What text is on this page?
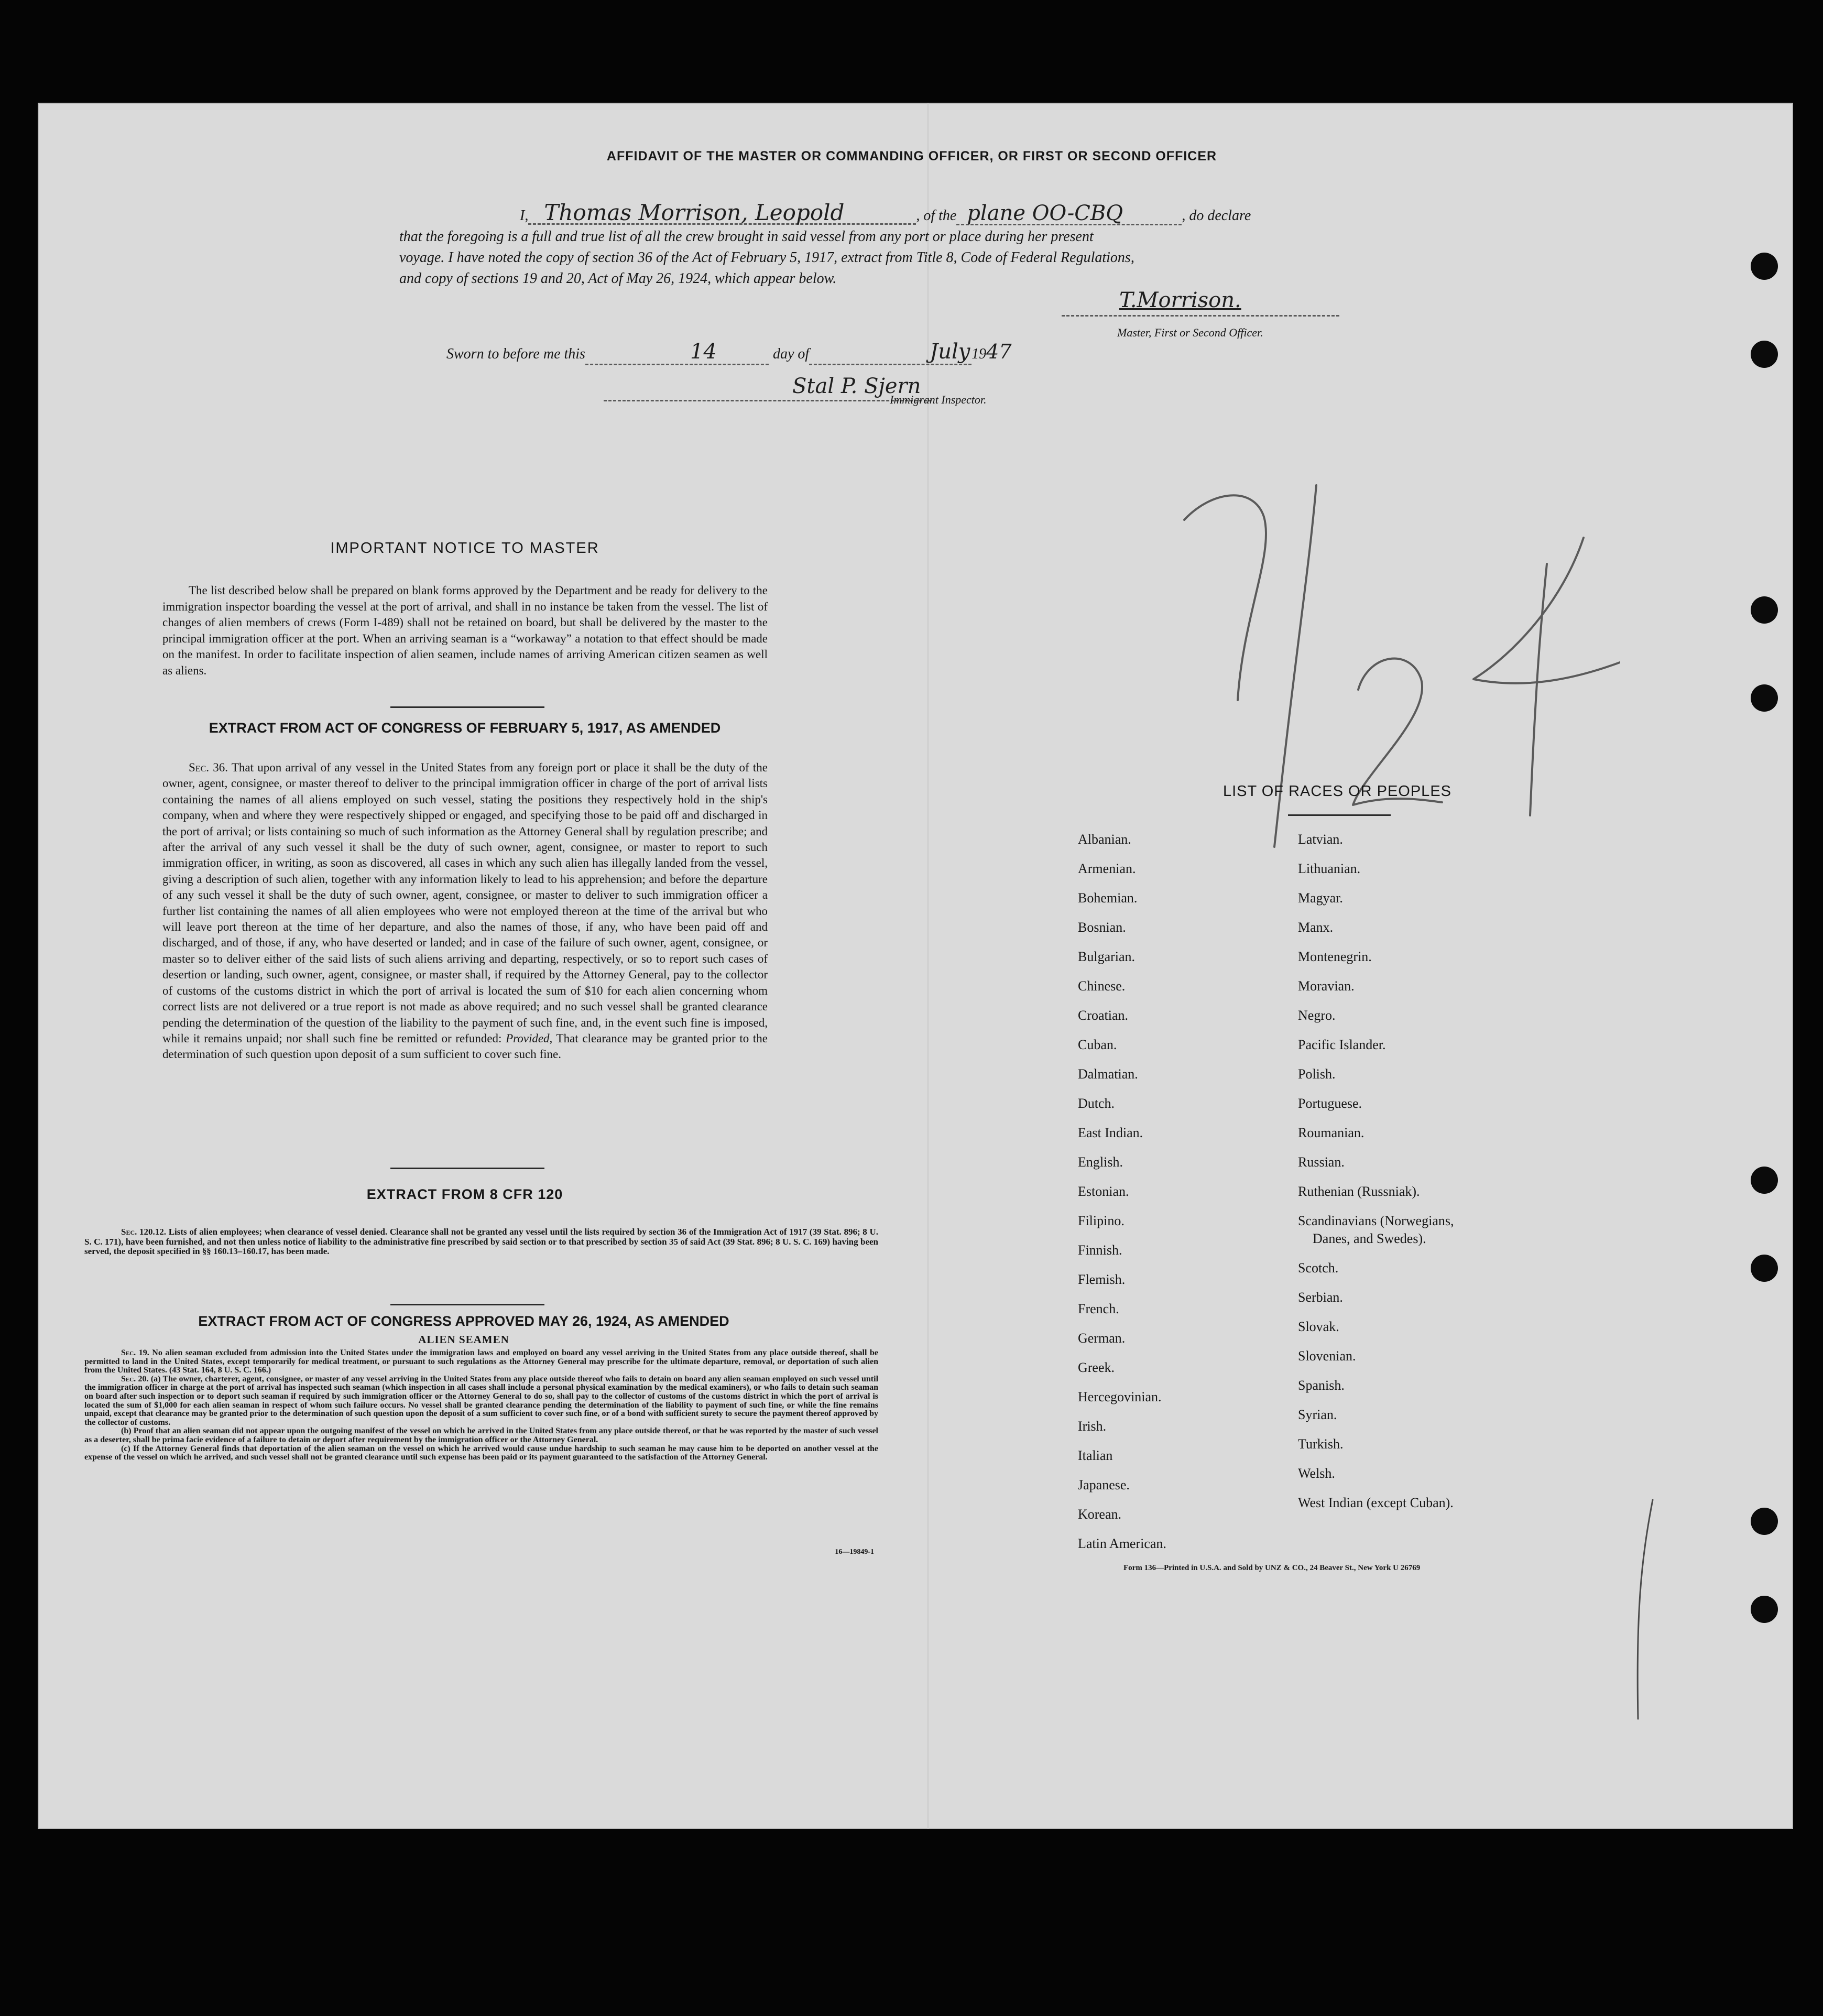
AFFIDAVIT OF THE MASTER OR COMMANDING OFFICER, OR FIRST OR SECOND OFFICER
I, Thomas Morrison, Leopold	, of the plane OO-CBQ	, do declare
that the foregoing is a full and true list of all the crew brought in said vessel from any port or place during her present
voyage. I have noted the copy of section 36 of the Act of February 5, 1917, extract from Title 8, Code of Federal Regulations,
and copy of sections 19 and 20, Act of May 26, 1924, which appear below.
T.Morrison.
Master, First or Second Officer.
Sworn to before me this	14	day of	July 19 47
Stal P. Sjern
Immigrant Inspector.
IMPORTANT NOTICE TO MASTER
The list described below shall be prepared on blank forms approved by the Department and be ready for delivery to the immigration inspector boarding the vessel at the port of arrival, and shall in no instance be taken from the vessel. The list of changes of alien members of crews (Form I-489) shall not be retained on board, but shall be delivered by the master to the principal immigration officer at the port. When an arriving seaman is a “workaway” a notation to that effect should be made on the manifest. In order to facilitate inspection of alien seamen, include names of arriving American citizen seamen as well as aliens.
EXTRACT FROM ACT OF CONGRESS OF FEBRUARY 5, 1917, AS AMENDED
Sec. 36. That upon arrival of any vessel in the United States from any foreign port or place it shall be the duty of the owner, agent, consignee, or master thereof to deliver to the principal immigration officer in charge of the port of arrival lists containing the names of all aliens employed on such vessel, stating the positions they respectively hold in the ship's company, when and where they were respectively shipped or engaged, and specifying those to be paid off and discharged in the port of arrival; or lists containing so much of such information as the Attorney General shall by regulation prescribe; and after the arrival of any such vessel it shall be the duty of such owner, agent, consignee, or master to report to such immigration officer, in writing, as soon as discovered, all cases in which any such alien has illegally landed from the vessel, giving a description of such alien, together with any information likely to lead to his apprehension; and before the departure of any such vessel it shall be the duty of such owner, agent, consignee, or master to deliver to such immigration officer a further list containing the names of all alien employees who were not employed thereon at the time of the arrival but who will leave port thereon at the time of her departure, and also the names of those, if any, who have been paid off and discharged, and of those, if any, who have deserted or landed; and in case of the failure of such owner, agent, consignee, or master so to deliver either of the said lists of such aliens arriving and departing, respectively, or so to report such cases of desertion or landing, such owner, agent, consignee, or master shall, if required by the Attorney General, pay to the collector of customs of the customs district in which the port of arrival is located the sum of $10 for each alien concerning whom correct lists are not delivered or a true report is not made as above required; and no such vessel shall be granted clearance pending the determination of the question of the liability to the payment of such fine, and, in the event such fine is imposed, while it remains unpaid; nor shall such fine be remitted or refunded: Provided, That clearance may be granted prior to the determination of such question upon deposit of a sum sufficient to cover such fine.
EXTRACT FROM 8 CFR 120
Sec. 120.12. Lists of alien employees; when clearance of vessel denied. Clearance shall not be granted any vessel until the lists required by section 36 of the Immigration Act of 1917 (39 Stat. 896; 8 U. S. C. 171), have been furnished, and not then unless notice of liability to the administrative fine prescribed by said section or to that prescribed by section 35 of said Act (39 Stat. 896; 8 U. S. C. 169) having been served, the deposit specified in §§ 160.13–160.17, has been made.
EXTRACT FROM ACT OF CONGRESS APPROVED MAY 26, 1924, AS AMENDED
ALIEN SEAMEN

Sec. 19. No alien seaman excluded from admission into the United States under the immigration laws and employed on board any vessel arriving in the United States from any place outside thereof, shall be permitted to land in the United States, except temporarily for medical treatment, or pursuant to such regulations as the Attorney General may prescribe for the ultimate departure, removal, or deportation of such alien from the United States. (43 Stat. 164, 8 U. S. C. 166.)

Sec. 20. (a) The owner, charterer, agent, consignee, or master of any vessel arriving in the United States from any place outside thereof who fails to detain on board any alien seaman employed on such vessel until the immigration officer in charge at the port of arrival has inspected such seaman (which inspection in all cases shall include a personal physical examination by the medical examiners), or who fails to detain such seaman on board after such inspection or to deport such seaman if required by such immigration officer or the Attorney General to do so, shall pay to the collector of customs of the customs district in which the port of arrival is located the sum of $1,000 for each alien seaman in respect of whom such failure occurs. No vessel shall be granted clearance pending the determination of the liability to payment of such fine, or while the fine remains unpaid, except that clearance may be granted prior to the determination of such question upon the deposit of a sum sufficient to cover such fine, or of a bond with sufficient surety to secure the payment thereof approved by the collector of customs.

(b) Proof that an alien seaman did not appear upon the outgoing manifest of the vessel on which he arrived in the United States from any place outside thereof, or that he was reported by the master of such vessel as a deserter, shall be prima facie evidence of a failure to detain or deport after requirement by the immigration officer or the Attorney General.

(c) If the Attorney General finds that deportation of the alien seaman on the vessel on which he arrived would cause undue hardship to such seaman he may cause him to be deported on another vessel at the expense of the vessel on which he arrived, and such vessel shall not be granted clearance until such expense has been paid or its payment guaranteed to the satisfaction of the Attorney General.

16—19849-1
LIST OF RACES OR PEOPLES
Albanian.
Armenian.
Bohemian.
Bosnian.
Bulgarian.
Chinese.
Croatian.
Cuban.
Dalmatian.
Dutch.
East Indian.
English.
Estonian.
Filipino.
Finnish.
Flemish.
French.
German.
Greek.
Hercegovinian.
Irish.
Italian
Japanese.
Korean.
Latin American.
Latvian.
Lithuanian.
Magyar.
Manx.
Montenegrin.
Moravian.
Negro.
Pacific Islander.
Polish.
Portuguese.
Roumanian.
Russian.
Ruthenian (Russniak).
Scandinavians (Norwegians,
Danes, and Swedes).
Scotch.
Serbian.
Slovak.
Slovenian.
Spanish.
Syrian.
Turkish.
Welsh.
West Indian (except Cuban).
Form 136—Printed in U.S.A. and Sold by UNZ & CO., 24 Beaver St., New York U 26769
